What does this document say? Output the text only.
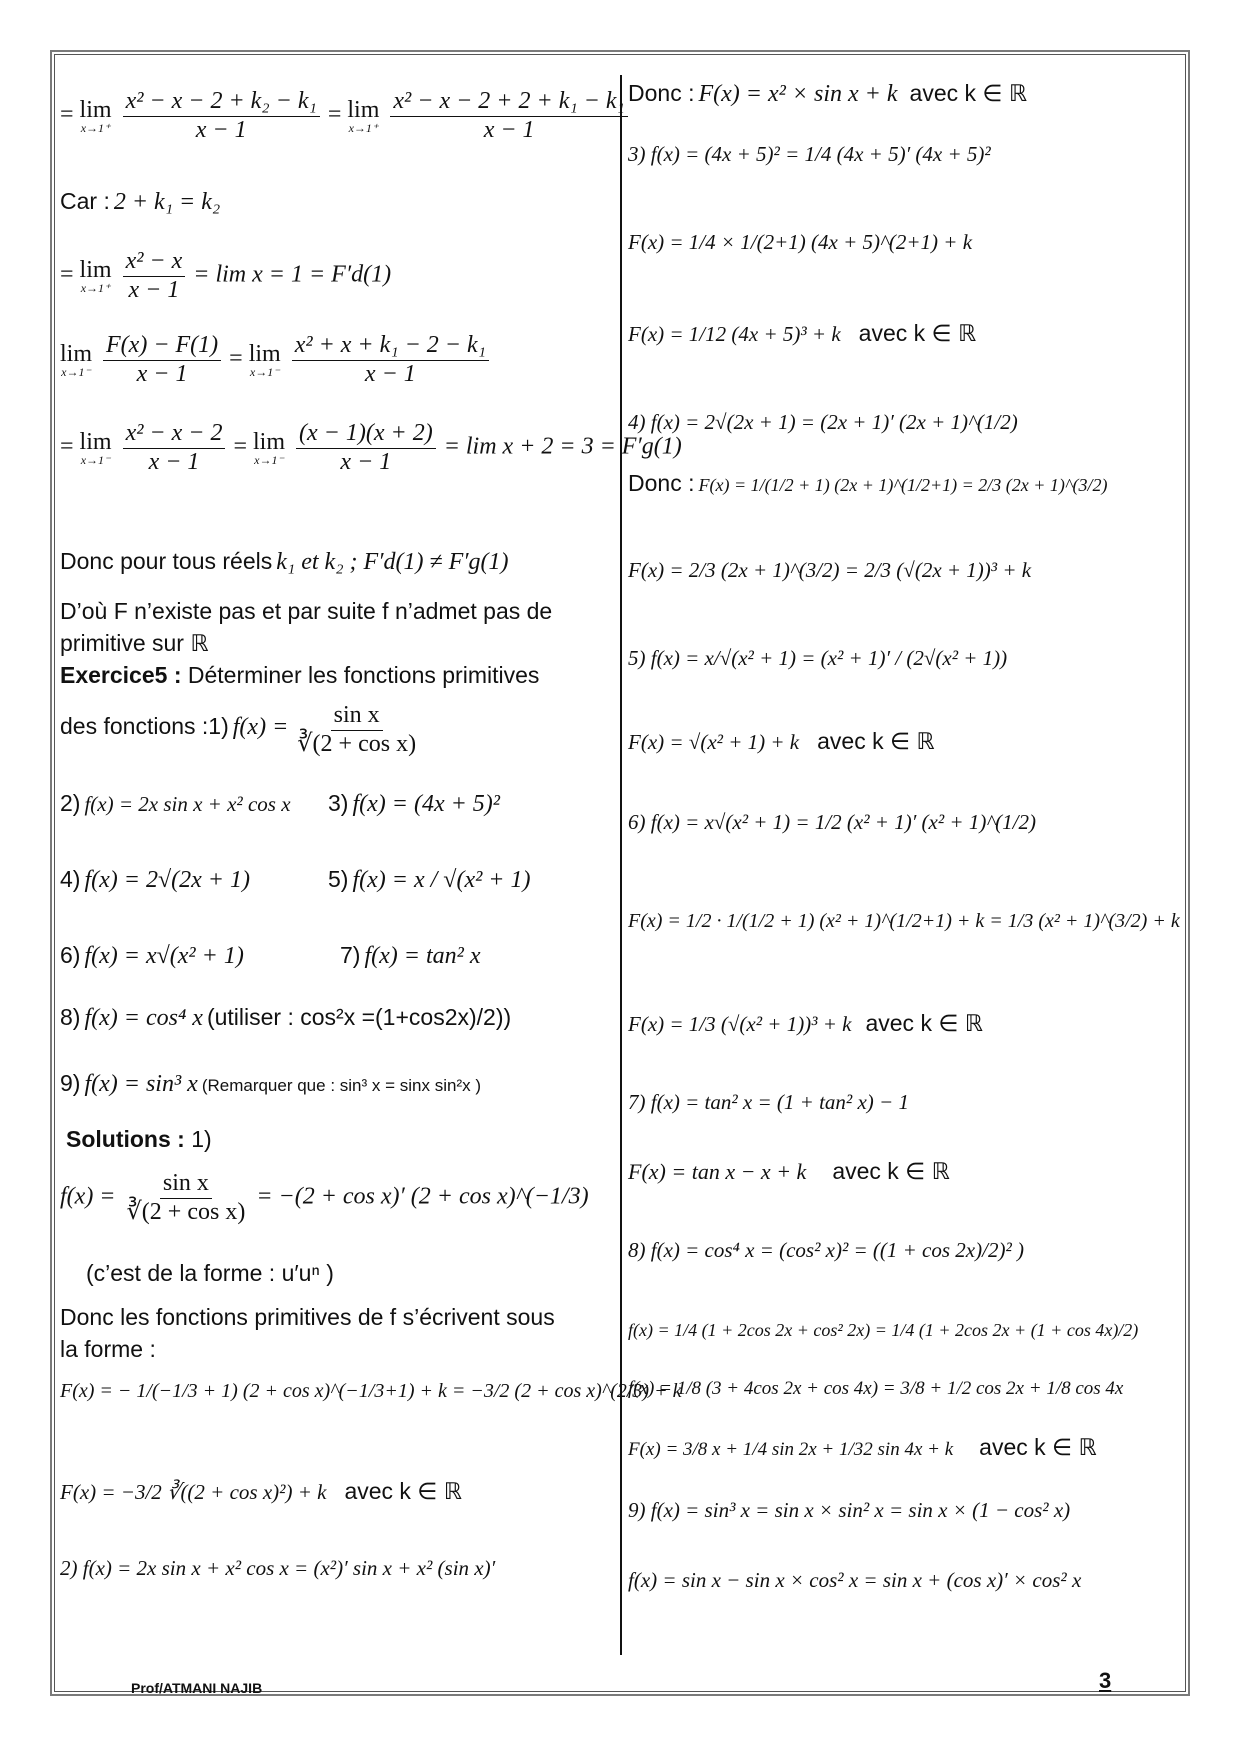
= lim
x→1⁺
$\frac{\text{x² − x − 2 + k₂ − k₁}}{x - 1} = \lim$
x→1⁺
$\frac{\text{x² − x − 2 + 2 + k₁ − k₁}}{x - 1}$
Car : 2 + k₁ = k₂
= lim
x→1⁺
$\frac{\text{x² − x}}{x - 1} = \lim x = 1 = F'd(1)$
lim
x→1⁻
$\frac{F(x) - F(1)}{x - 1} = \lim$
x→1⁻
$\frac{\text{x² + x + k₁ − 2 − k₁}}{x - 1}$
= lim
x→1⁻
$\frac{\text{x² − x − 2}}{x - 1} = \lim$
x→1⁻
$\frac{(x - 1)(x + 2)}{x - 1} = \lim x + 2 = 3 = F'g(1)$
Donc pour tous réels k₁ et k₂ ; F′d(1) ≠ F′g(1)
D’où F n’existe pas et par suite f n’admet pas de
primitive sur ℝ
Exercice5 : Déterminer les fonctions primitives
des fonctions :1) $f(x) = \frac{\text{sin x}}{\text{∛(2 + cos x)}}$
2) f(x) = 2x sin x + x² cos x 3) f(x) = (4x + 5)²
4) f(x) = 2√(2x + 1)	5) f(x) = x / √(x² + 1)
6) f(x) = x√(x² + 1)	7) f(x) = tan² x
8) f(x) = cos⁴ x (utiliser : cos²x =(1+cos2x)/2))
9) f(x) = sin³ x (Remarquer que : sin³ x = sinx sin²x )
Solutions : 1)
$f(x) = \frac{\text{sin x}}{\text{∛(2 + cos x)}} = -(2 + \cos x)'$ (2 + cos x)^(−1/3)
(c’est de la forme : u′uⁿ )
Donc les fonctions primitives de f s’écrivent sous
la forme :
F(x) = − 1/(−1/3 + 1) (2 + cos x)^(−1/3+1) + k = −3/2 (2 + cos x)^(2/3) + k
F(x) = −3/2 ∛((2 + cos x)²) + k avec k ∈ ℝ
2) f(x) = 2x sin x + x² cos x = (x²)′ sin x + x² (sin x)′
Donc : F(x) = x² × sin x + k avec k ∈ ℝ
3) f(x) = (4x + 5)² = 1/4 (4x + 5)′ (4x + 5)²
F(x) = 1/4 × 1/(2+1) (4x + 5)^(2+1) + k
F(x) = 1/12 (4x + 5)³ + k avec k ∈ ℝ
4) f(x) = 2√(2x + 1) = (2x + 1)′ (2x + 1)^(1/2)
Donc : F(x) = 1/(1/2 + 1) (2x + 1)^(1/2+1) = 2/3 (2x + 1)^(3/2)
F(x) = 2/3 (2x + 1)^(3/2) = 2/3 (√(2x + 1))³ + k
5) f(x) = x/√(x² + 1) = (x² + 1)′ / (2√(x² + 1))
F(x) = √(x² + 1) + k avec k ∈ ℝ
6) f(x) = x√(x² + 1) = 1/2 (x² + 1)′ (x² + 1)^(1/2)
F(x) = 1/2 · 1/(1/2 + 1) (x² + 1)^(1/2+1) + k = 1/3 (x² + 1)^(3/2) + k
F(x) = 1/3 (√(x² + 1))³ + k avec k ∈ ℝ
7) f(x) = tan² x = (1 + tan² x) − 1
F(x) = tan x − x + k avec k ∈ ℝ
8) f(x) = cos⁴ x = (cos² x)² = ((1 + cos 2x)/2)² )
f(x) = 1/4 (1 + 2cos 2x + cos² 2x) = 1/4 (1 + 2cos 2x + (1 + cos 4x)/2)
f(x) = 1/8 (3 + 4cos 2x + cos 4x) = 3/8 + 1/2 cos 2x + 1/8 cos 4x
F(x) = 3/8 x + 1/4 sin 2x + 1/32 sin 4x + k avec k ∈ ℝ
9) f(x) = sin³ x = sin x × sin² x = sin x × (1 − cos² x)
f(x) = sin x − sin x × cos² x = sin x + (cos x)′ × cos² x
Prof/ATMANI NAJIB	3
